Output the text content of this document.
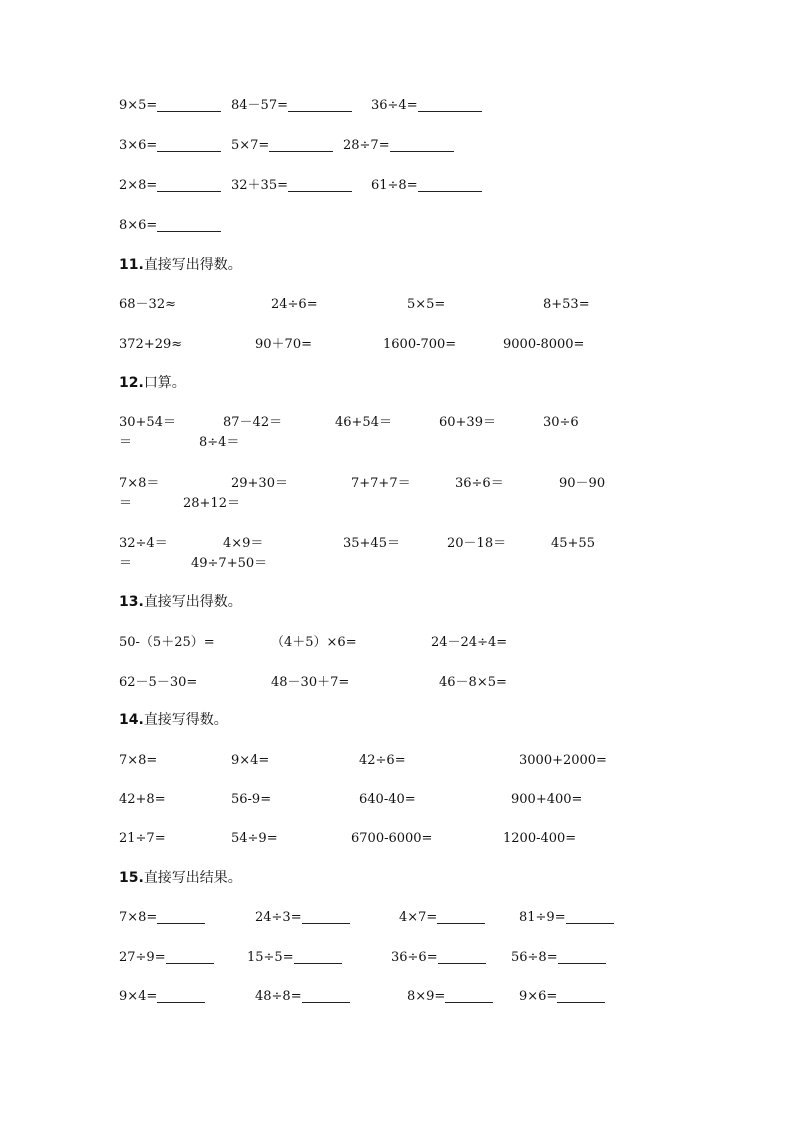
9×5=	84－57=	36÷4=
3×6=	5×7=	28÷7=
2×8=	32＋35=	61÷8=
8×6=
11.直接写出得数。
68－32≈	24÷6=	5×5=	8+53=
372+29≈	90＋70=	1600-700=	9000-8000=
12.口算。
30+54＝	87－42＝	46+54＝	60+39＝	30÷6
＝	8÷4＝
7×8＝	29+30＝	7+7+7＝	36÷6＝	90－90
＝	28+12＝
32÷4＝	4×9＝	35+45＝	20－18＝	45+55
＝	49÷7+50＝
13.直接写出得数。
50-（5＋25）=	（4＋5）×6=	24－24÷4=
62－5－30=	48－30＋7=	46－8×5=
14.直接写得数。
7×8=	9×4=	42÷6=	3000+2000=
42+8=	56-9=	640-40=	900+400=
21÷7=	54÷9=	6700-6000=	1200-400=
15.直接写出结果。
7×8=	24÷3=	4×7=	81÷9=
27÷9=	15÷5=	36÷6=	56÷8=
9×4=	48÷8=	8×9=	9×6=
